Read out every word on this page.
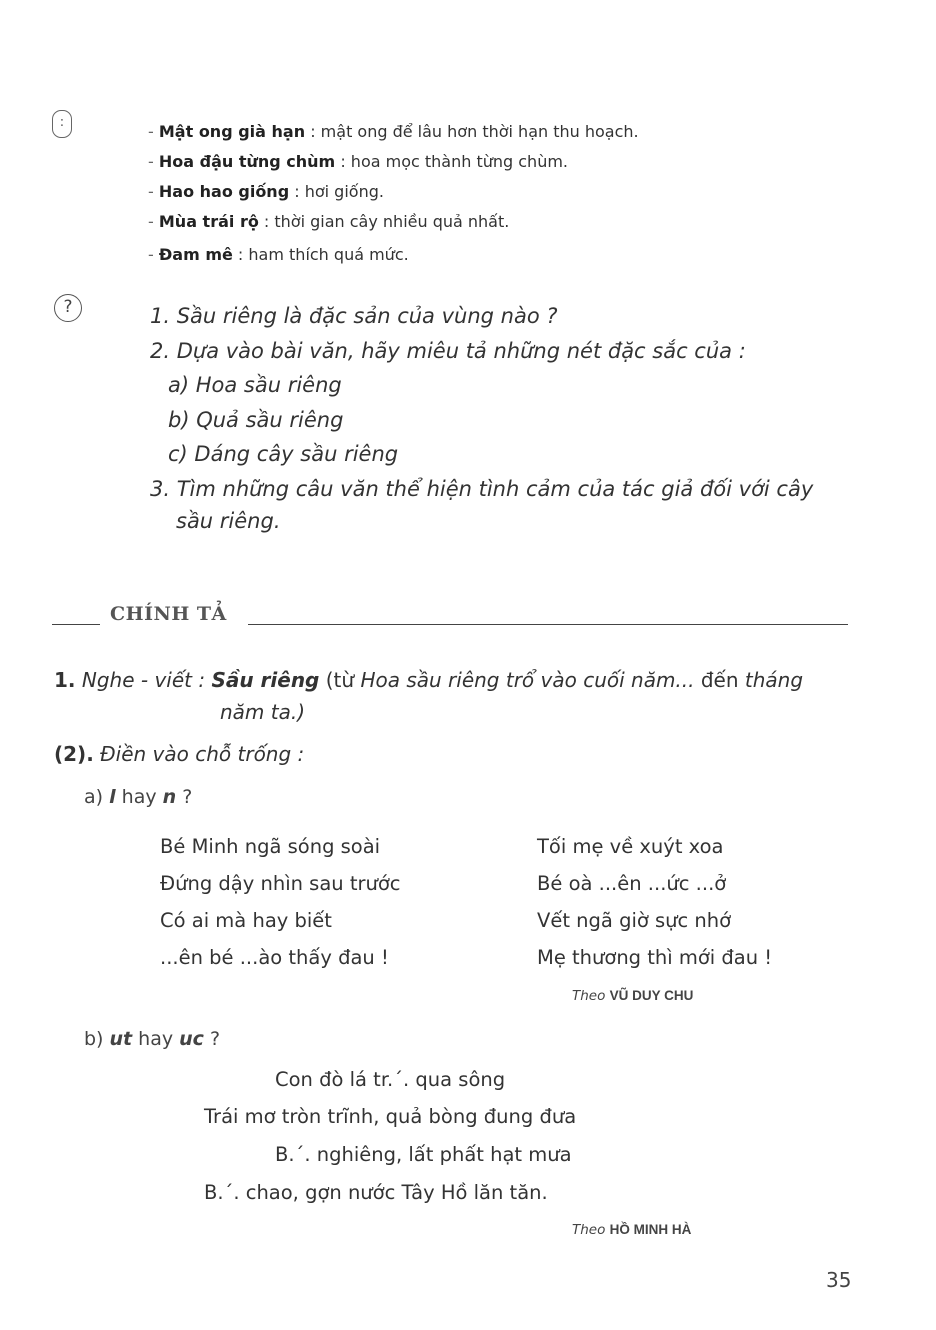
:	- Mật ong già hạn : mật ong để lâu hơn thời hạn thu hoạch.
- Hoa đậu từng chùm : hoa mọc thành từng chùm.
- Hao hao giống : hơi giống.
- Mùa trái rộ : thời gian cây nhiều quả nhất.
- Đam mê : ham thích quá mức.
?	1. Sầu riêng là đặc sản của vùng nào ?
2. Dựa vào bài văn, hãy miêu tả những nét đặc sắc của :
a) Hoa sầu riêng
b) Quả sầu riêng
c) Dáng cây sầu riêng
3. Tìm những câu văn thể hiện tình cảm của tác giả đối với cây
sầu riêng.
CHÍNH TẢ
1. Nghe - viết : Sầu riêng (từ Hoa sầu riêng trổ vào cuối năm... đến tháng
năm ta.)
(2). Điền vào chỗ trống :
a) l hay n ?
Bé Minh ngã sóng soài
Đứng dậy nhìn sau trước
Có ai mà hay biết
...ên bé ...ào thấy đau !
Tối mẹ về xuýt xoa
Bé oà ...ên ...ức ...ở
Vết ngã giờ sực nhớ
Mẹ thương thì mới đau !
Theo VŨ DUY CHU
b) ut hay uc ?
Con đò lá tr.´. qua sông
Trái mơ tròn trĩnh, quả bòng đung đưa
B.´. nghiêng, lất phất hạt mưa
B.´. chao, gợn nước Tây Hồ lăn tăn.
Theo HỒ MINH HÀ
35
